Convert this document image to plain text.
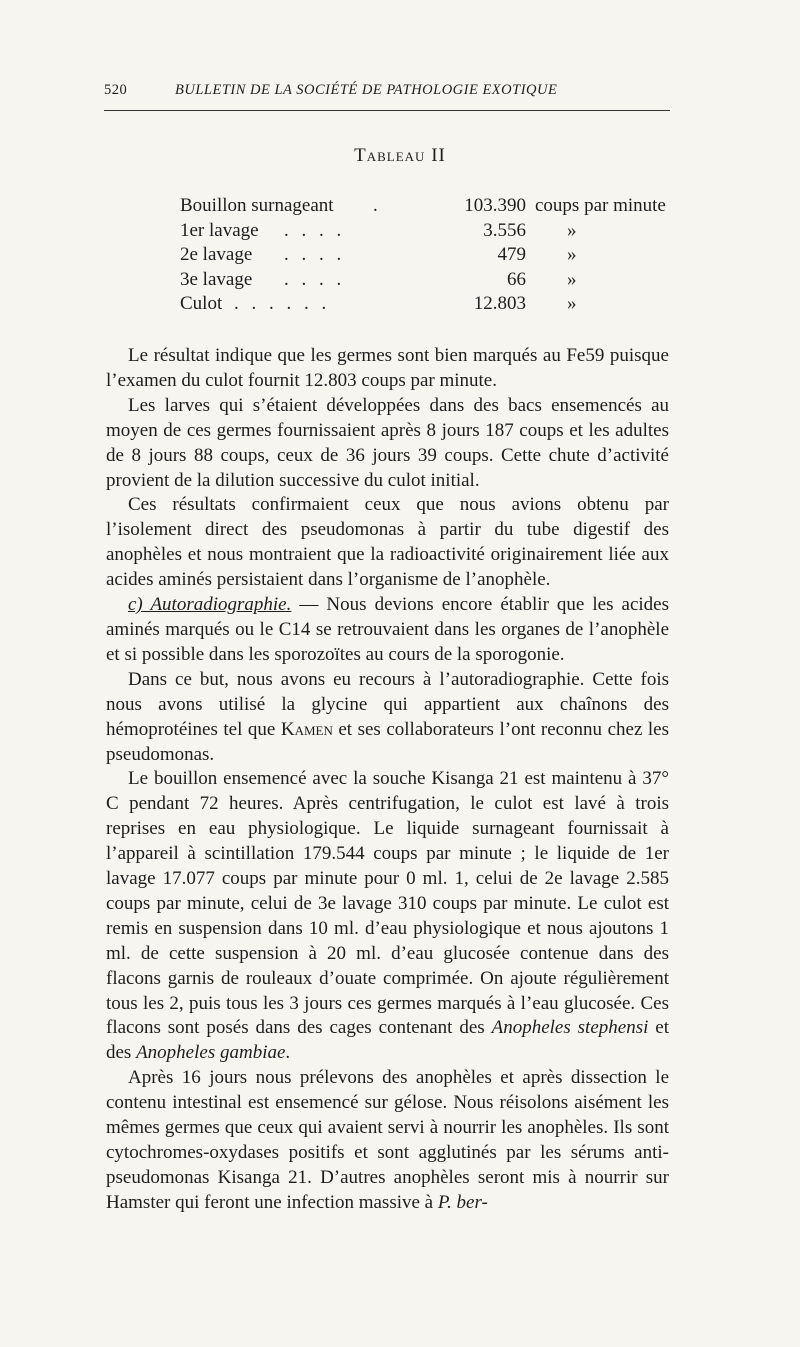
520	BULLETIN DE LA SOCIÉTÉ DE PATHOLOGIE EXOTIQUE
Tableau II
Bouillon surnageant .	103.390 coups par minute
1er lavage . . . .	3.556 »
2e lavage . . . .	479 »
3e lavage . . . .	66 »
Culot . . . . . .	12.803 »

Le résultat indique que les germes sont bien marqués au Fe59 puisque l’examen du culot fournit 12.803 coups par minute.

Les larves qui s’étaient développées dans des bacs ensemencés au moyen de ces germes fournissaient après 8 jours 187 coups et les adultes de 8 jours 88 coups, ceux de 36 jours 39 coups. Cette chute d’activité provient de la dilution successive du culot initial.

Ces résultats confirmaient ceux que nous avions obtenu par l’isolement direct des pseudomonas à partir du tube digestif des anophèles et nous montraient que la radioactivité originairement liée aux acides aminés persistaient dans l’organisme de l’anophèle.

c) Autoradiographie. — Nous devions encore établir que les acides aminés marqués ou le C14 se retrouvaient dans les organes de l’anophèle et si possible dans les sporozoïtes au cours de la sporogonie.

Dans ce but, nous avons eu recours à l’autoradiographie. Cette fois nous avons utilisé la glycine qui appartient aux chaînons des hémoprotéines tel que Kamen et ses collaborateurs l’ont reconnu chez les pseudomonas.

Le bouillon ensemencé avec la souche Kisanga 21 est maintenu à 37° C pendant 72 heures. Après centrifugation, le culot est lavé à trois reprises en eau physiologique. Le liquide surnageant fournissait à l’appareil à scintillation 179.544 coups par minute ; le liquide de 1er lavage 17.077 coups par minute pour 0 ml. 1, celui de 2e lavage 2.585 coups par minute, celui de 3e lavage 310 coups par minute. Le culot est remis en suspension dans 10 ml. d’eau physiologique et nous ajoutons 1 ml. de cette suspension à 20 ml. d’eau glucosée contenue dans des flacons garnis de rouleaux d’ouate comprimée. On ajoute régulièrement tous les 2, puis tous les 3 jours ces germes marqués à l’eau glucosée. Ces flacons sont posés dans des cages contenant des Anopheles stephensi et des Anopheles gambiae.

Après 16 jours nous prélevons des anophèles et après dissection le contenu intestinal est ensemencé sur gélose. Nous réisolons aisément les mêmes germes que ceux qui avaient servi à nourrir les anophèles. Ils sont cytochromes-oxydases positifs et sont agglutinés par les sérums anti-pseudomonas Kisanga 21. D’autres anophèles seront mis à nourrir sur Hamster qui feront une infection massive à P. ber-
